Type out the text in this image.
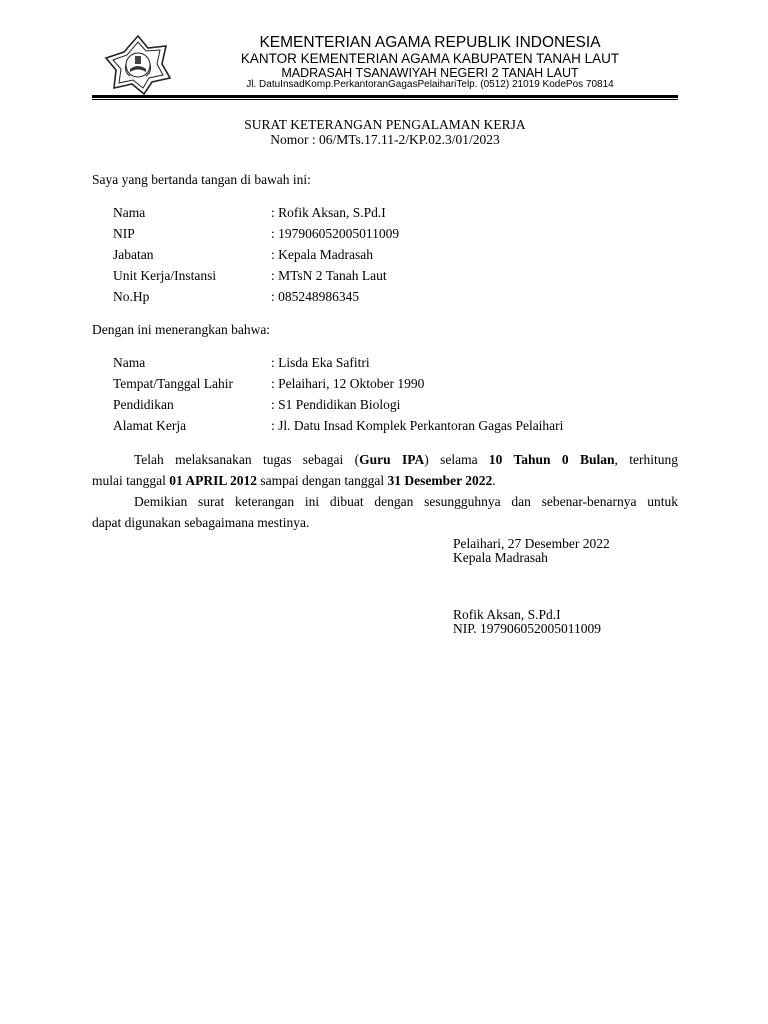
KEMENTERIAN AGAMA REPUBLIK INDONESIA
KANTOR KEMENTERIAN AGAMA KABUPATEN TANAH LAUT
MADRASAH TSANAWIYAH NEGERI 2 TANAH LAUT
Jl. DatuInsadKomp.PerkantoranGagasPelaihariTelp. (0512) 21019 KodePos 70814
SURAT KETERANGAN PENGALAMAN KERJA
Nomor : 06/MTs.17.11-2/KP.02.3/01/2023
Saya yang bertanda tangan di bawah ini:
Nama	: Rofik Aksan, S.Pd.I
NIP	: 197906052005011009
Jabatan	: Kepala Madrasah
Unit Kerja/Instansi	: MTsN 2 Tanah Laut
No.Hp	: 085248986345
Dengan ini menerangkan bahwa:
Nama	: Lisda Eka Safitri
Tempat/Tanggal Lahir	: Pelaihari, 12 Oktober 1990
Pendidikan	: S1 Pendidikan Biologi
Alamat Kerja	: Jl. Datu Insad Komplek Perkantoran Gagas Pelaihari
Telah melaksanakan tugas sebagai (Guru IPA) selama 10 Tahun 0 Bulan, terhitung
mulai tanggal 01 APRIL 2012 sampai dengan tanggal 31 Desember 2022.
Demikian surat keterangan ini dibuat dengan sesungguhnya dan sebenar-benarnya untuk
dapat digunakan sebagaimana mestinya.
Pelaihari, 27 Desember 2022
Kepala Madrasah
Rofik Aksan, S.Pd.I
NIP. 197906052005011009
